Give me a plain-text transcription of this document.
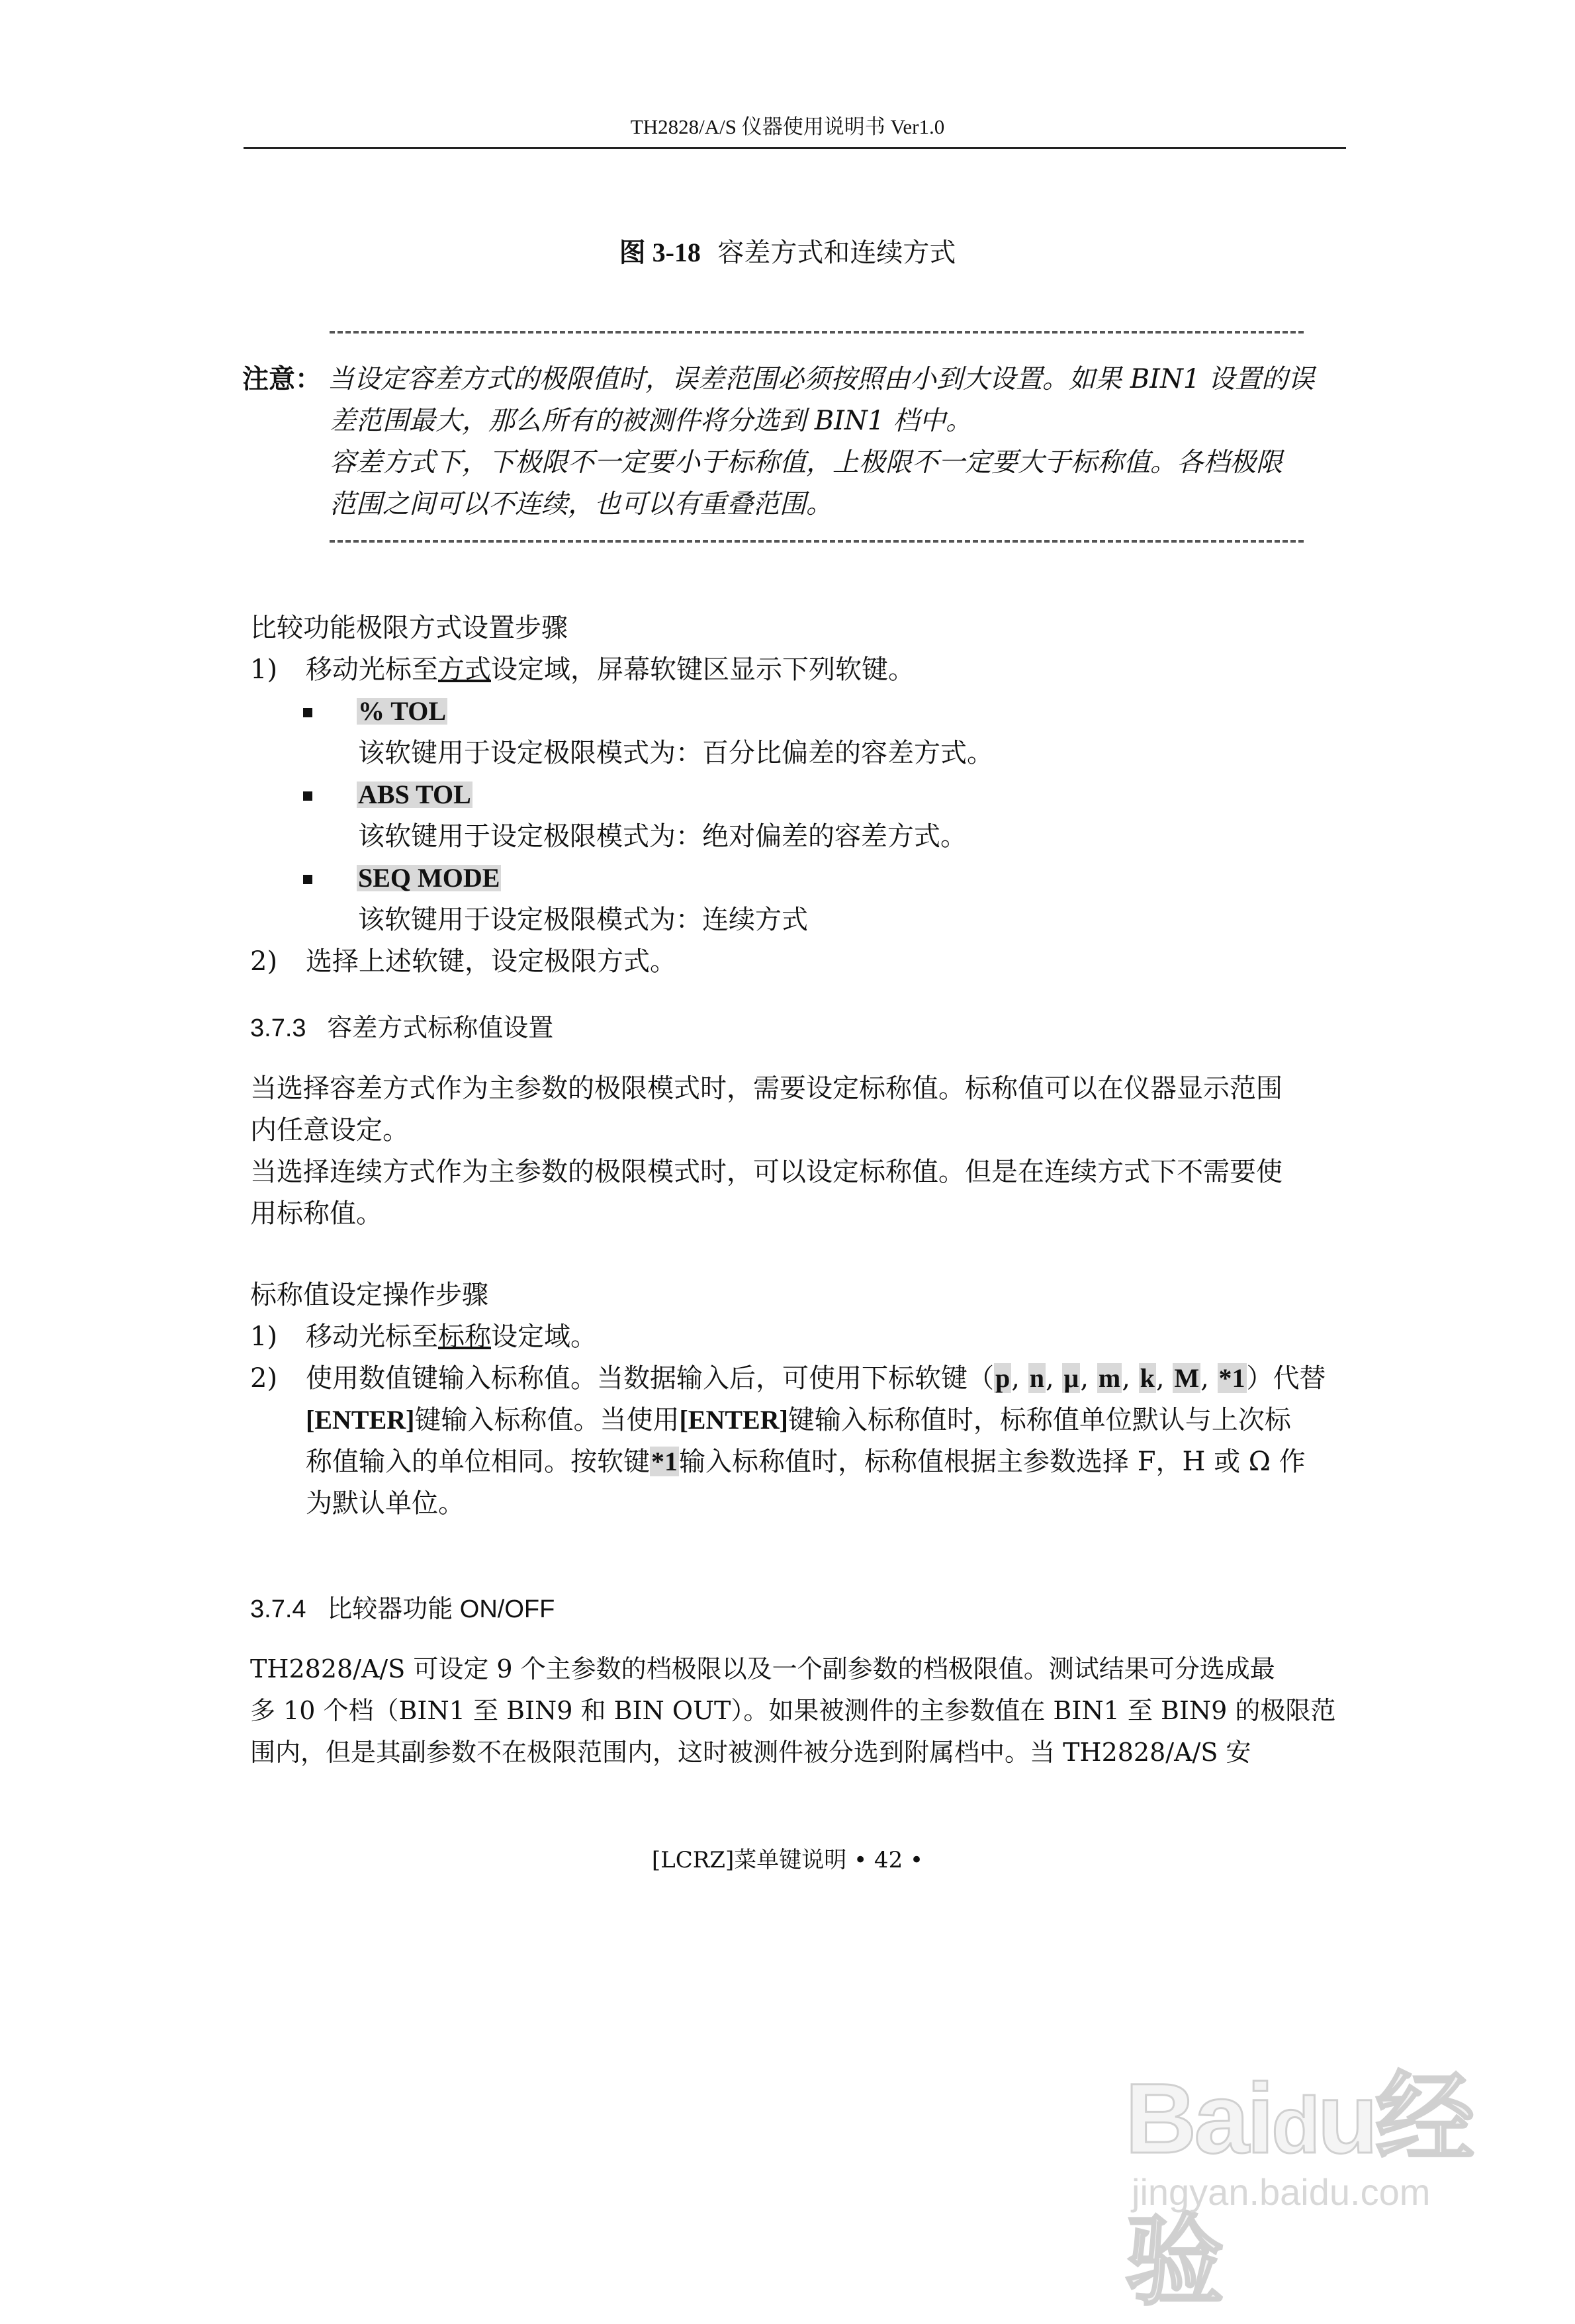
TH2828/A/S 仪器使用说明书 Ver1.0
图 3-18 容差方式和连续方式
注意： 当设定容差方式的极限值时，误差范围必须按照由小到大设置。如果 BIN1 设置的误
差范围最大，那么所有的被测件将分选到 BIN1 档中。
容差方式下，下极限不一定要小于标称值，上极限不一定要大于标称值。各档极限
范围之间可以不连续，也可以有重叠范围。
比较功能极限方式设置步骤
1) 移动光标至方式设定域，屏幕软键区显示下列软键。
% TOL
该软键用于设定极限模式为：百分比偏差的容差方式。
ABS TOL
该软键用于设定极限模式为：绝对偏差的容差方式。
SEQ MODE
该软键用于设定极限模式为：连续方式
2) 选择上述软键，设定极限方式。
3.7.3 容差方式标称值设置
当选择容差方式作为主参数的极限模式时，需要设定标称值。标称值可以在仪器显示范围
内任意设定。
当选择连续方式作为主参数的极限模式时，可以设定标称值。但是在连续方式下不需要使
用标称值。
标称值设定操作步骤
1) 移动光标至标称设定域。
2) 使用数值键输入标称值。当数据输入后，可使用下标软键（p, n, µ, m, k, M, *1）代替
[ENTER]键输入标称值。当使用[ENTER]键输入标称值时，标称值单位默认与上次标
称值输入的单位相同。按软键*1输入标称值时，标称值根据主参数选择 F，H 或 Ω 作
为默认单位。
3.7.4 比较器功能 ON/OFF
TH2828/A/S 可设定 9 个主参数的档极限以及一个副参数的档极限值。测试结果可分选成最
多 10 个档（BIN1 至 BIN9 和 BIN OUT）。如果被测件的主参数值在 BIN1 至 BIN9 的极限范
围内，但是其副参数不在极限范围内，这时被测件被分选到附属档中。当 TH2828/A/S 安
[LCRZ]菜单键说明 • 42 •
Baidu经验
jingyan.baidu.com
